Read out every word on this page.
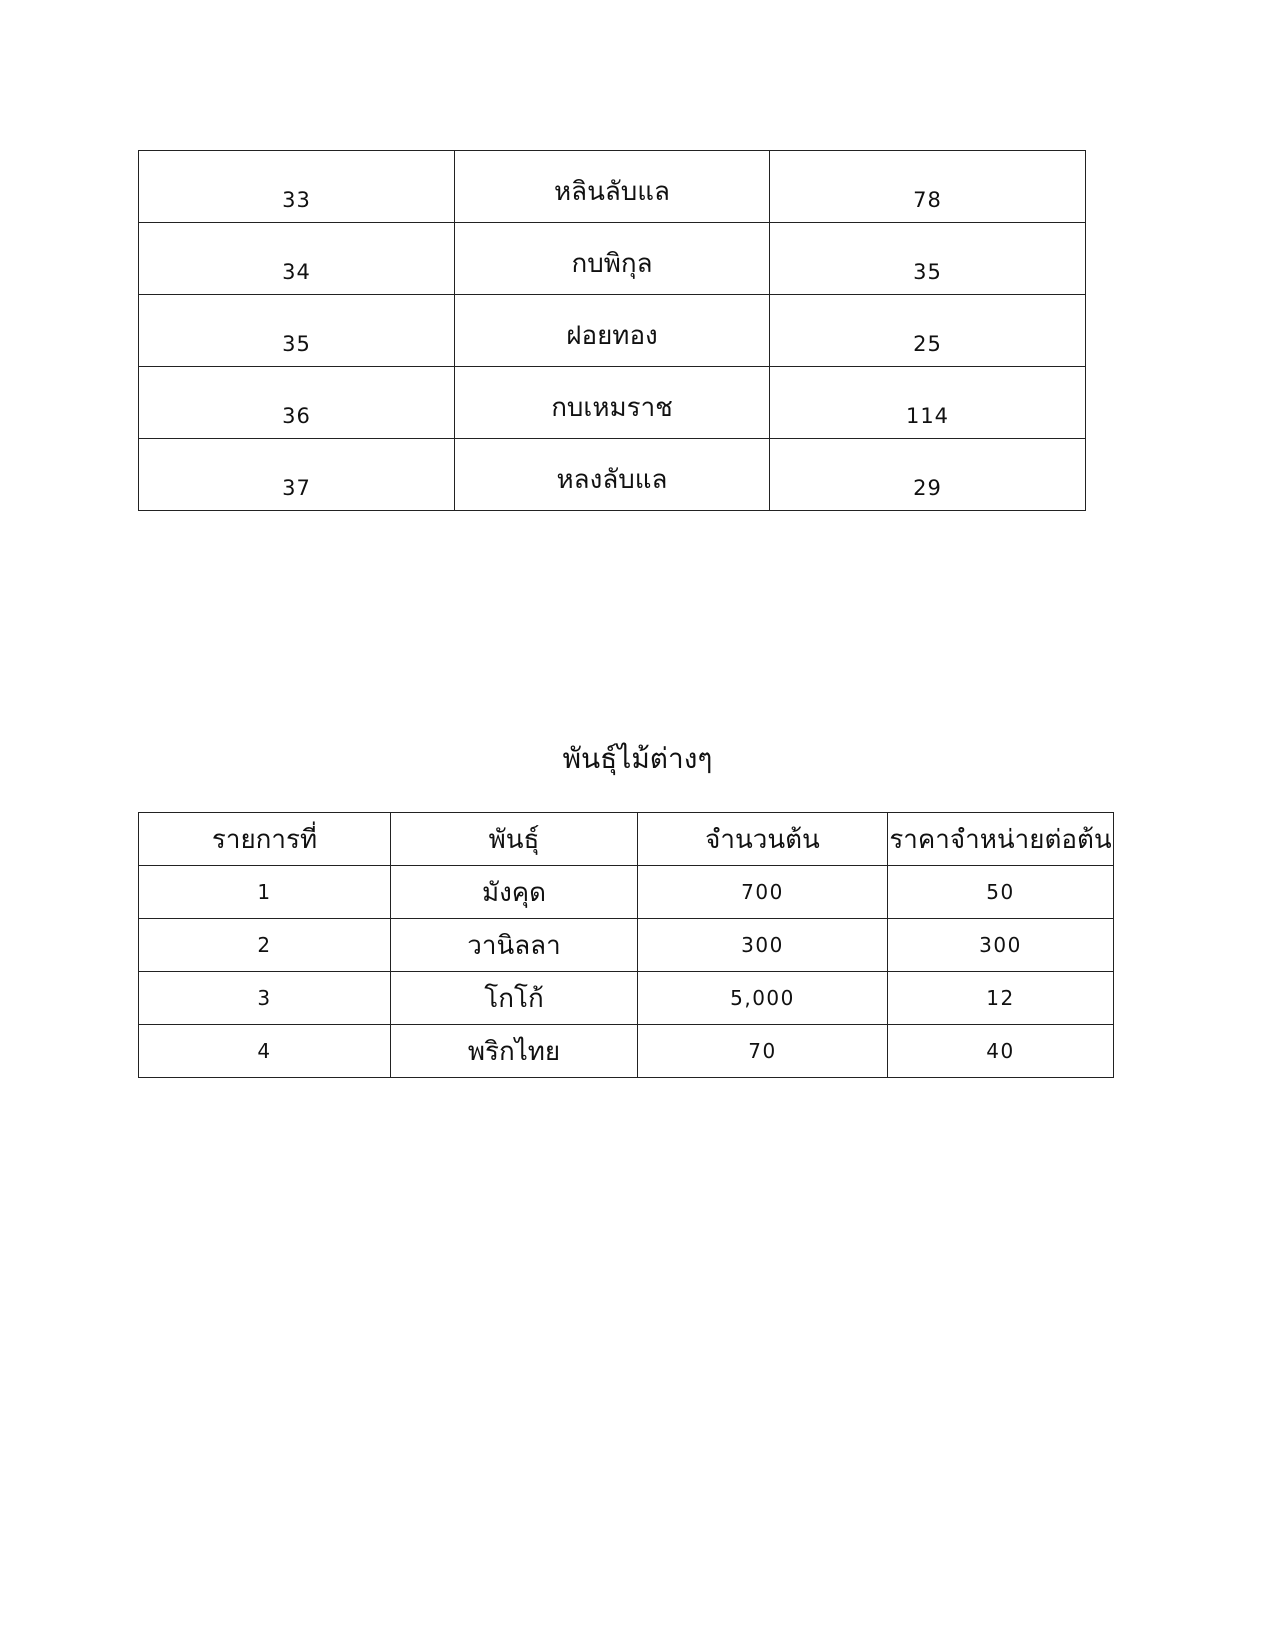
33	หลินลับแล	78
34	กบพิกุล	35
35	ฝอยทอง	25
36	กบเหมราช	114
37	หลงลับแล	29
พันธุ์ไม้ต่างๆ
รายการที่	พันธุ์	จำนวนต้น	ราคาจำหน่ายต่อต้น
1	มังคุด	700	50
2	วานิลลา	300	300
3	โกโก้	5,000	12
4	พริกไทย	70	40
